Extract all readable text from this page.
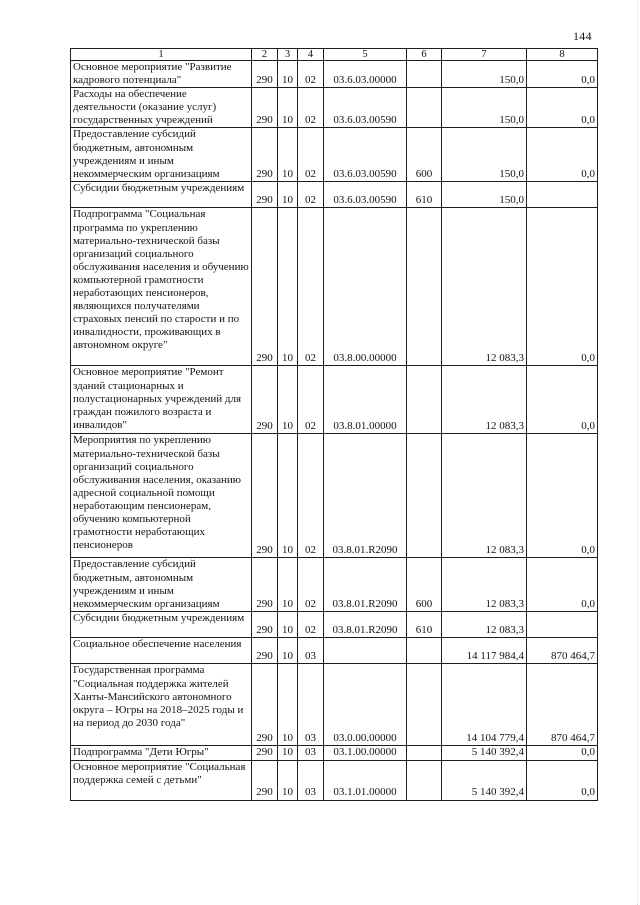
144
1	2	3	4	5	6	7	8
Основное мероприятие "Развитие кадрового потенциала"	290	10	02	03.6.03.00000		150,0	0,0
Расходы на обеспечение деятельности (оказание услуг) государственных учреждений	290	10	02	03.6.03.00590		150,0	0,0
Предоставление субсидий бюджетным, автономным учреждениям и иным некоммерческим организациям	290	10	02	03.6.03.00590	600	150,0	0,0
Субсидии бюджетным учреждениям	290	10	02	03.6.03.00590	610	150,0	
Подпрограмма "Социальная программа по укреплению материально-технической базы организаций социального обслуживания населения и обучению компьютерной грамотности неработающих пенсионеров, являющихся получателями страховых пенсий по старости и по инвалидности, проживающих в автономном округе"	290	10	02	03.8.00.00000		12 083,3	0,0
Основное мероприятие "Ремонт зданий стационарных и полустационарных учреждений для граждан пожилого возраста и инвалидов"	290	10	02	03.8.01.00000		12 083,3	0,0
Мероприятия по укреплению материально-технической базы организаций социального обслуживания населения, оказанию адресной социальной помощи неработающим пенсионерам, обучению компьютерной грамотности неработающих пенсионеров	290	10	02	03.8.01.R2090		12 083,3	0,0
Предоставление субсидий бюджетным, автономным учреждениям и иным некоммерческим организациям	290	10	02	03.8.01.R2090	600	12 083,3	0,0
Субсидии бюджетным учреждениям	290	10	02	03.8.01.R2090	610	12 083,3	
Социальное обеспечение населения	290	10	03			14 117 984,4	870 464,7
Государственная программа "Социальная поддержка жителей Ханты-Мансийского автономного округа – Югры на 2018–2025 годы и на период до 2030 года"	290	10	03	03.0.00.00000		14 104 779,4	870 464,7
Подпрограмма "Дети Югры"	290	10	03	03.1.00.00000		5 140 392,4	0,0
Основное мероприятие "Социальная поддержка семей с детьми"	290	10	03	03.1.01.00000		5 140 392,4	0,0
